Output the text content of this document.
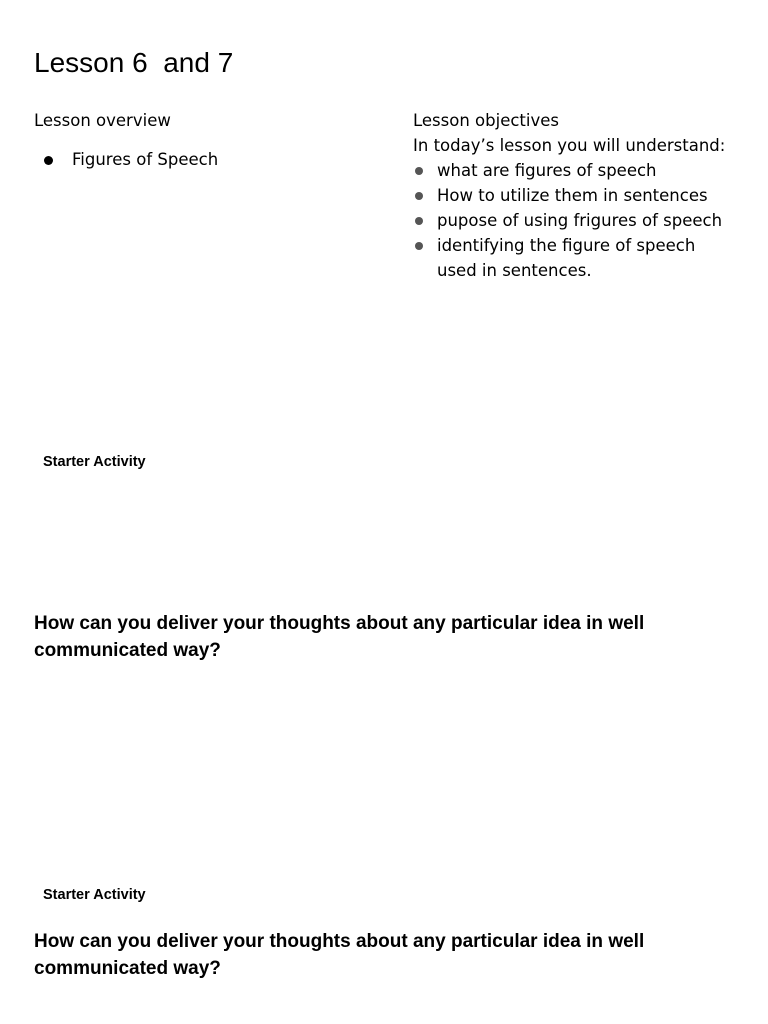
Lesson 6  and 7

Lesson overview

Figures of Speech

Lesson objectives

In today’s lesson you will understand:

what are figures of speech
How to utilize them in sentences
pupose of using frigures of speech
identifying the figure of speech used in sentences.
Starter Activity
How can you deliver your thoughts about any particular idea in well communicated way?
Starter Activity
How can you deliver your thoughts about any particular idea in well communicated way?
